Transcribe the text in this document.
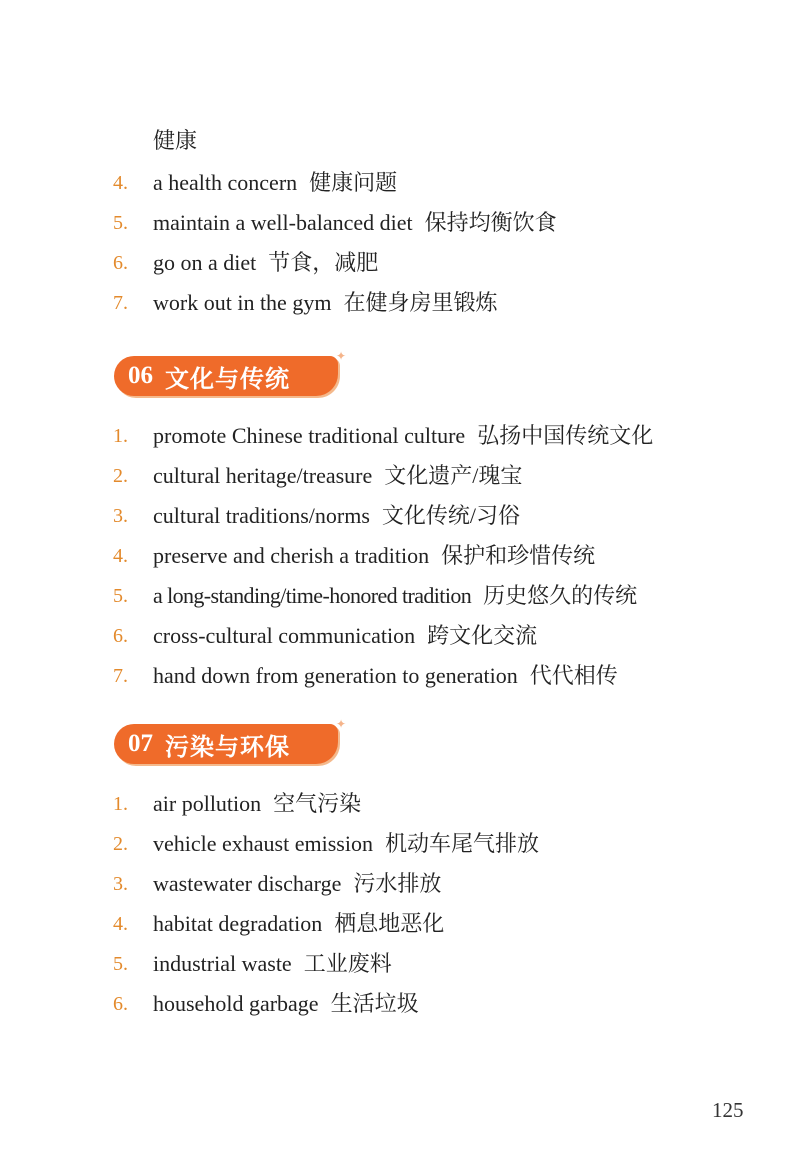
健康
4.	a health concern 健康问题
5.	maintain a well-balanced diet 保持均衡饮食
6.	go on a diet 节食，减肥
7.	work out in the gym 在健身房里锻炼
06 文化与传统
✦
1.	promote Chinese traditional culture 弘扬中国传统文化
2.	cultural heritage/treasure 文化遗产/瑰宝
3.	cultural traditions/norms 文化传统/习俗
4.	preserve and cherish a tradition 保护和珍惜传统
5.	a long-standing/time-honored tradition 历史悠久的传统
6.	cross-cultural communication 跨文化交流
7.	hand down from generation to generation 代代相传
07 污染与环保
✦
1.	air pollution 空气污染
2.	vehicle exhaust emission 机动车尾气排放
3.	wastewater discharge 污水排放
4.	habitat degradation 栖息地恶化
5.	industrial waste 工业废料
6.	household garbage 生活垃圾
125
